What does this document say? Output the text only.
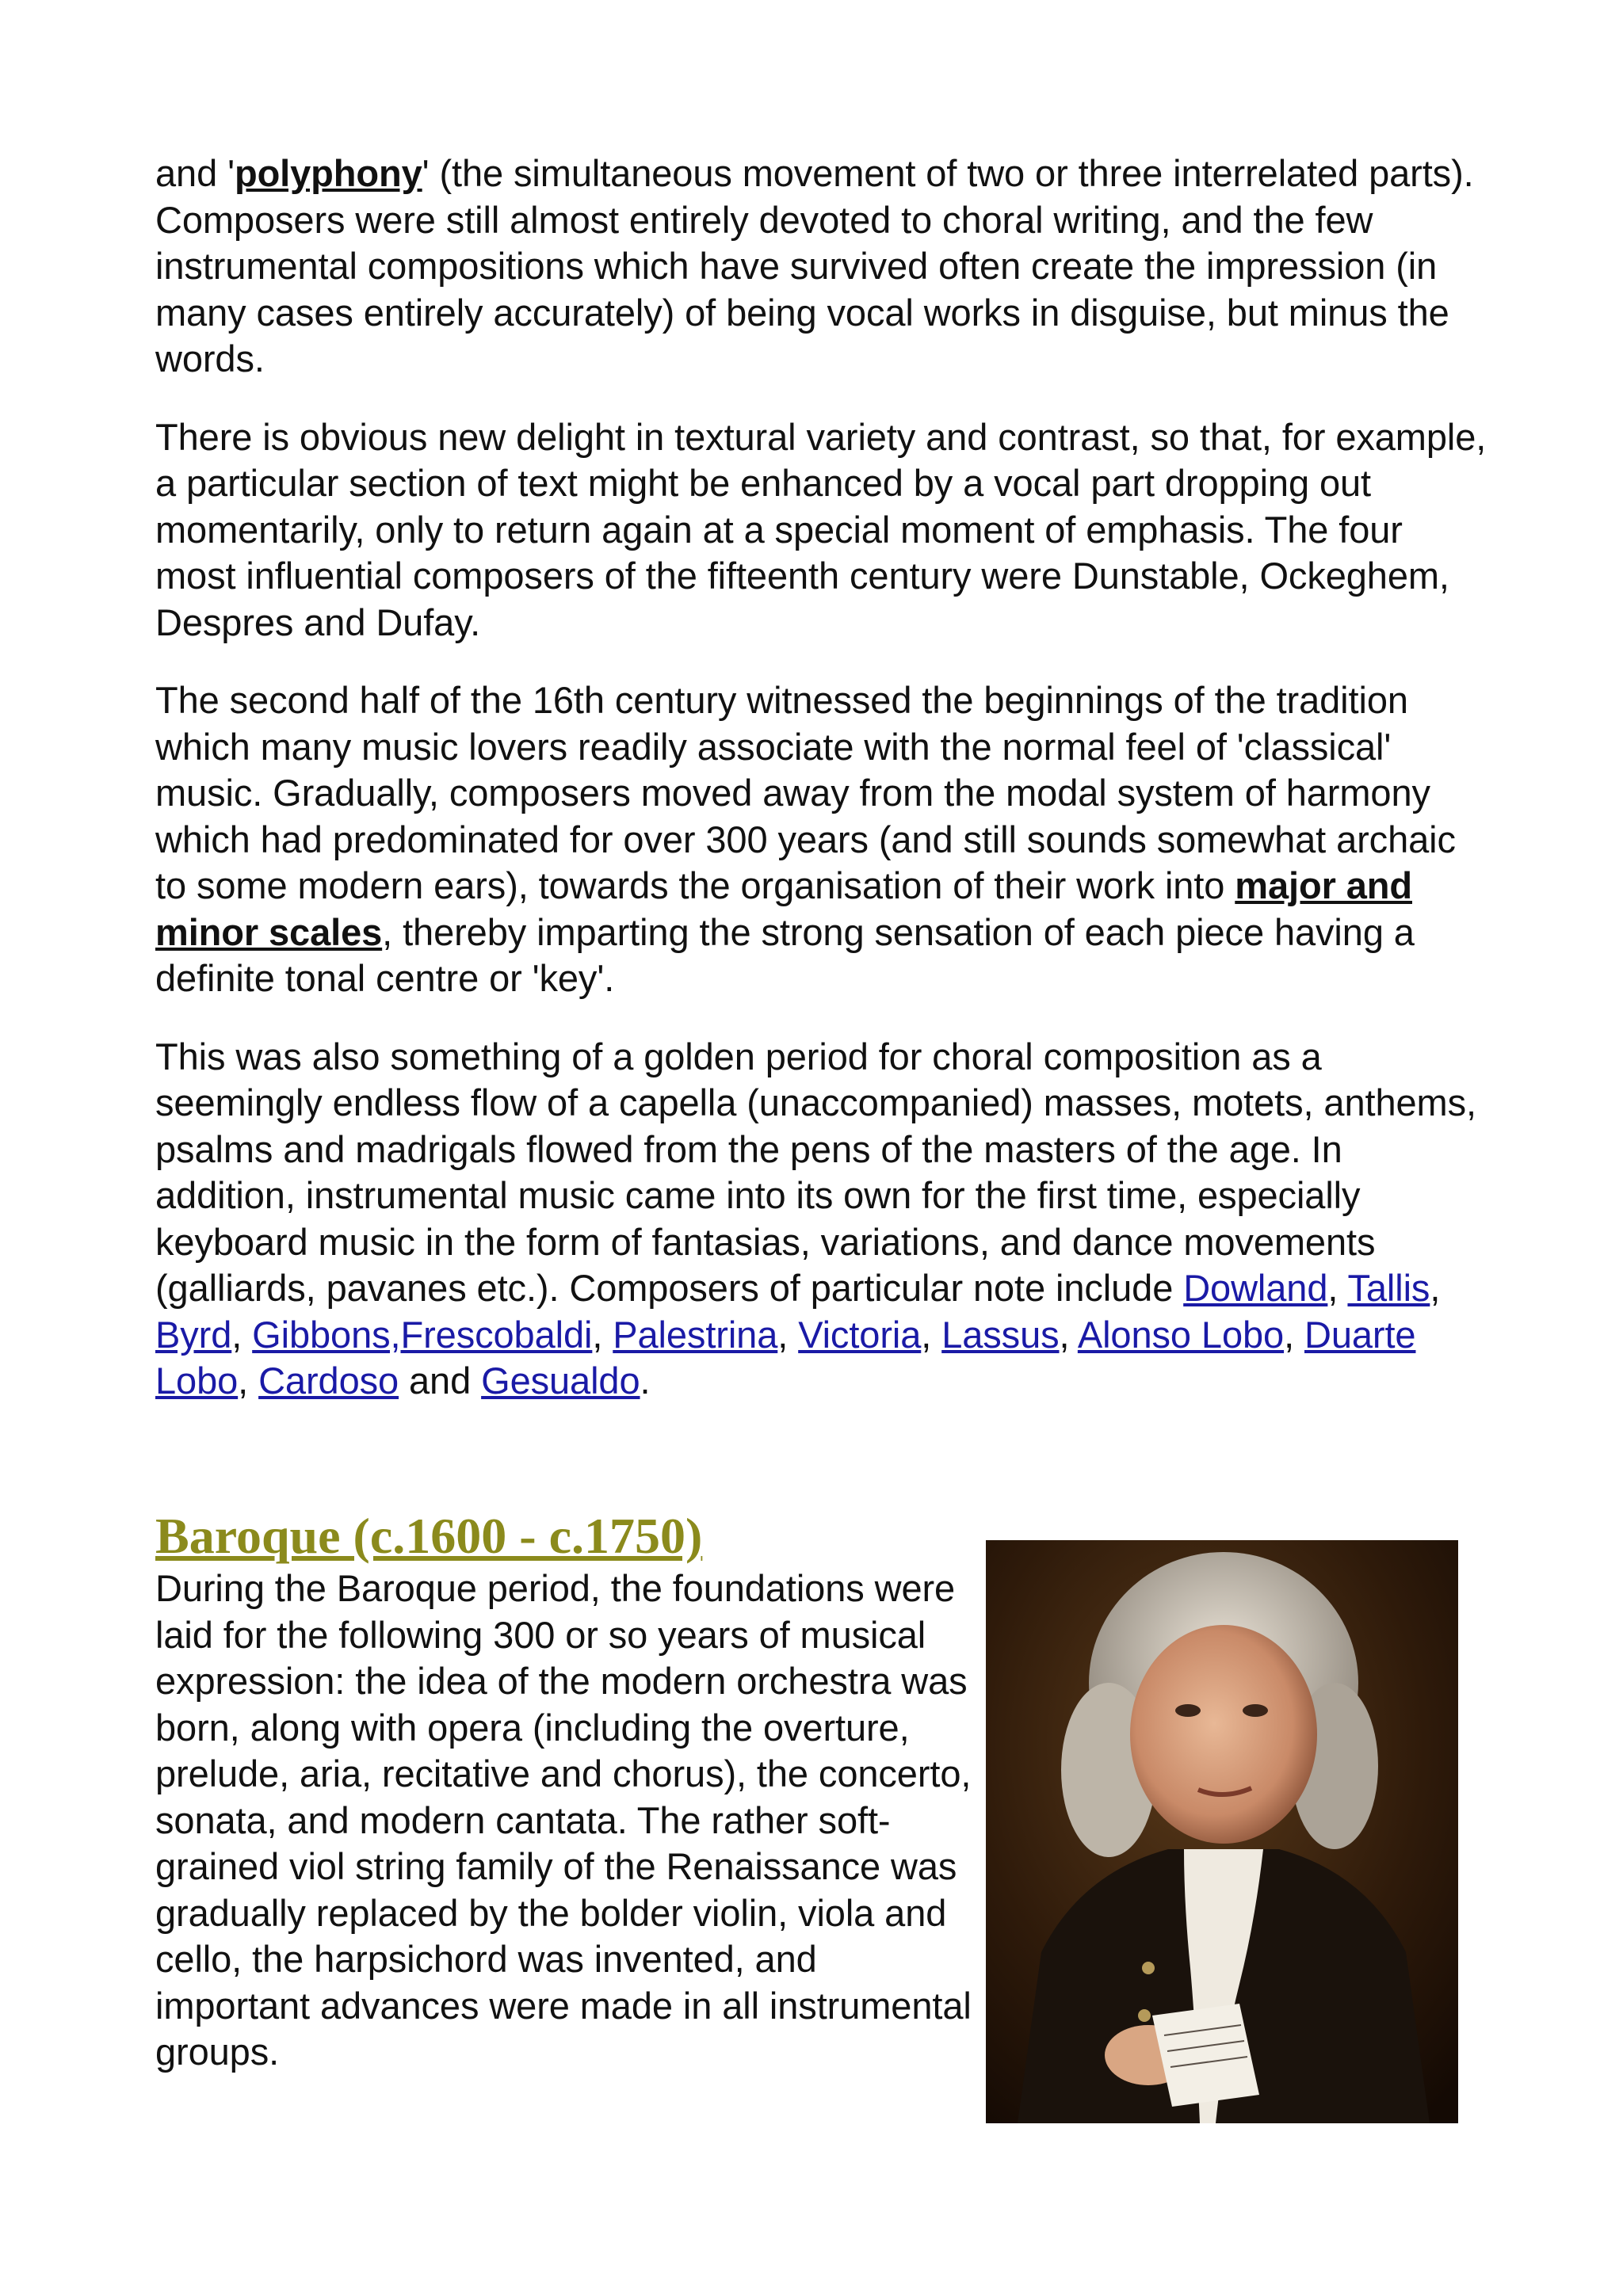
and 'polyphony' (the simultaneous movement of two or three interrelated parts). Composers were still almost entirely devoted to choral writing, and the few instrumental compositions which have survived often create the impression (in many cases entirely accurately) of being vocal works in disguise, but minus the words.

There is obvious new delight in textural variety and contrast, so that, for example, a particular section of text might be enhanced by a vocal part dropping out momentarily, only to return again at a special moment of emphasis. The four most influential composers of the fifteenth century were Dunstable, Ockeghem, Despres and Dufay.

The second half of the 16th century witnessed the beginnings of the tradition which many music lovers readily associate with the normal feel of 'classical' music. Gradually, composers moved away from the modal system of harmony which had predominated for over 300 years (and still sounds somewhat archaic to some modern ears), towards the organisation of their work into major and minor scales, thereby imparting the strong sensation of each piece having a definite tonal centre or 'key'.

This was also something of a golden period for choral composition as a seemingly endless flow of a capella (unaccompanied) masses, motets, anthems, psalms and madrigals flowed from the pens of the masters of the age. In addition, instrumental music came into its own for the first time, especially keyboard music in the form of fantasias, variations, and dance movements (galliards, pavanes etc.). Composers of particular note include Dowland, Tallis, Byrd, Gibbons,Frescobaldi, Palestrina, Victoria, Lassus, Alonso Lobo, Duarte Lobo, Cardoso and Gesualdo.

Baroque (c.1600 - c.1750)

During the Baroque period, the foundations were laid for the following 300 or so years of musical expression: the idea of the modern orchestra was born, along with opera (including the overture, prelude, aria, recitative and chorus), the concerto, sonata, and modern cantata. The rather soft-grained viol string family of the Renaissance was gradually replaced by the bolder violin, viola and cello, the harpsichord was invented, and important advances were made in all instrumental groups.
